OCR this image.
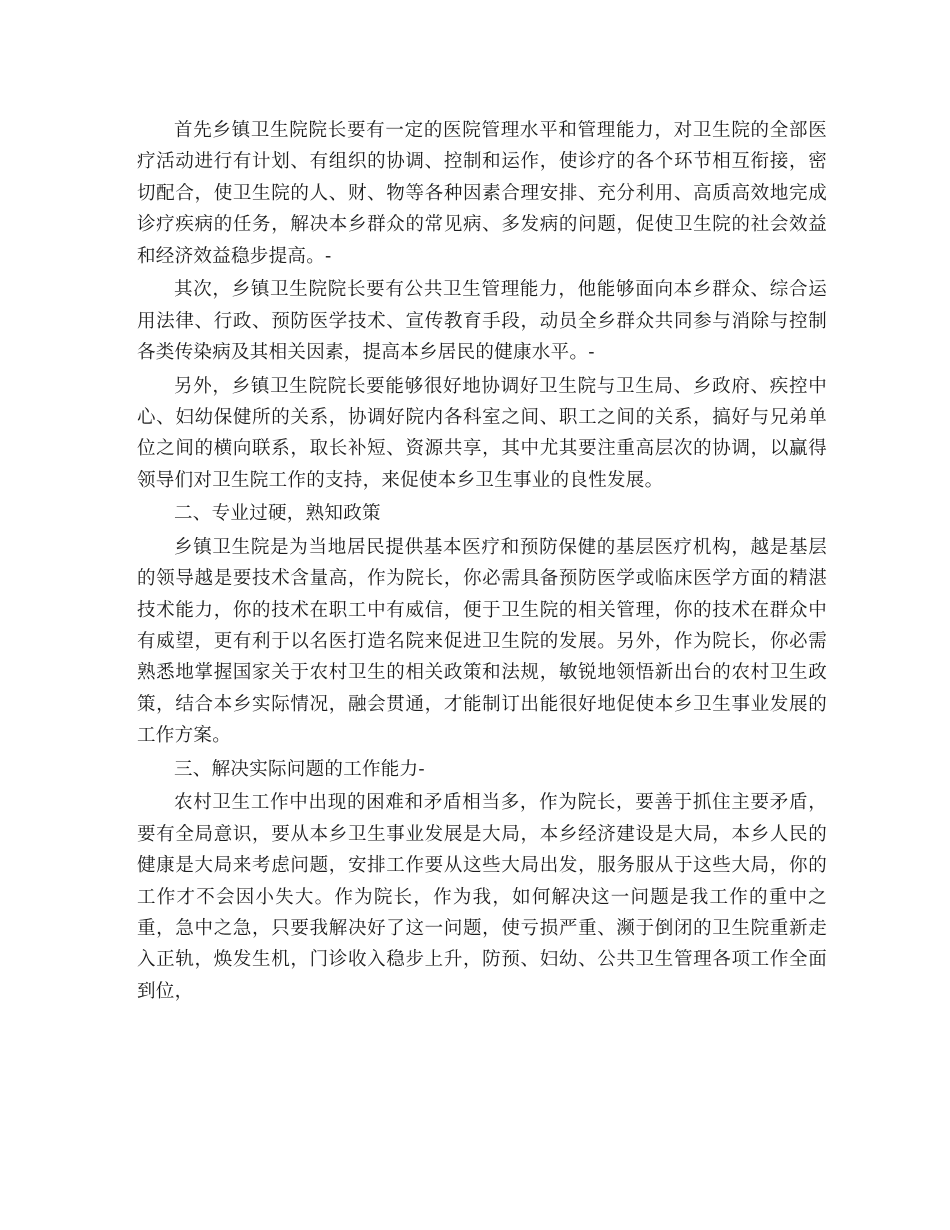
首先乡镇卫生院院长要有一定的医院管理水平和管理能力，对卫生院的全部医疗活动进行有计划、有组织的协调、控制和运作，使诊疗的各个环节相互衔接，密切配合，使卫生院的人、财、物等各种因素合理安排、充分利用、高质高效地完成诊疗疾病的任务，解决本乡群众的常见病、多发病的问题，促使卫生院的社会效益和经济效益稳步提高。-

其次，乡镇卫生院院长要有公共卫生管理能力，他能够面向本乡群众、综合运用法律、行政、预防医学技术、宣传教育手段，动员全乡群众共同参与消除与控制各类传染病及其相关因素，提高本乡居民的健康水平。-

另外，乡镇卫生院院长要能够很好地协调好卫生院与卫生局、乡政府、疾控中心、妇幼保健所的关系，协调好院内各科室之间、职工之间的关系，搞好与兄弟单位之间的横向联系，取长补短、资源共享，其中尤其要注重高层次的协调，以赢得领导们对卫生院工作的支持，来促使本乡卫生事业的良性发展。

二、专业过硬，熟知政策

乡镇卫生院是为当地居民提供基本医疗和预防保健的基层医疗机构，越是基层的领导越是要技术含量高，作为院长，你必需具备预防医学或临床医学方面的精湛技术能力，你的技术在职工中有威信，便于卫生院的相关管理，你的技术在群众中有威望，更有利于以名医打造名院来促进卫生院的发展。另外，作为院长，你必需熟悉地掌握国家关于农村卫生的相关政策和法规，敏锐地领悟新出台的农村卫生政策，结合本乡实际情况，融会贯通，才能制订出能很好地促使本乡卫生事业发展的工作方案。

三、解决实际问题的工作能力-

农村卫生工作中出现的困难和矛盾相当多，作为院长，要善于抓住主要矛盾，要有全局意识，要从本乡卫生事业发展是大局，本乡经济建设是大局，本乡人民的健康是大局来考虑问题，安排工作要从这些大局出发，服务服从于这些大局，你的工作才不会因小失大。作为院长，作为我，如何解决这一问题是我工作的重中之重，急中之急，只要我解决好了这一问题，使亏损严重、濒于倒闭的卫生院重新走入正轨，焕发生机，门诊收入稳步上升，防预、妇幼、公共卫生管理各项工作全面到位，
